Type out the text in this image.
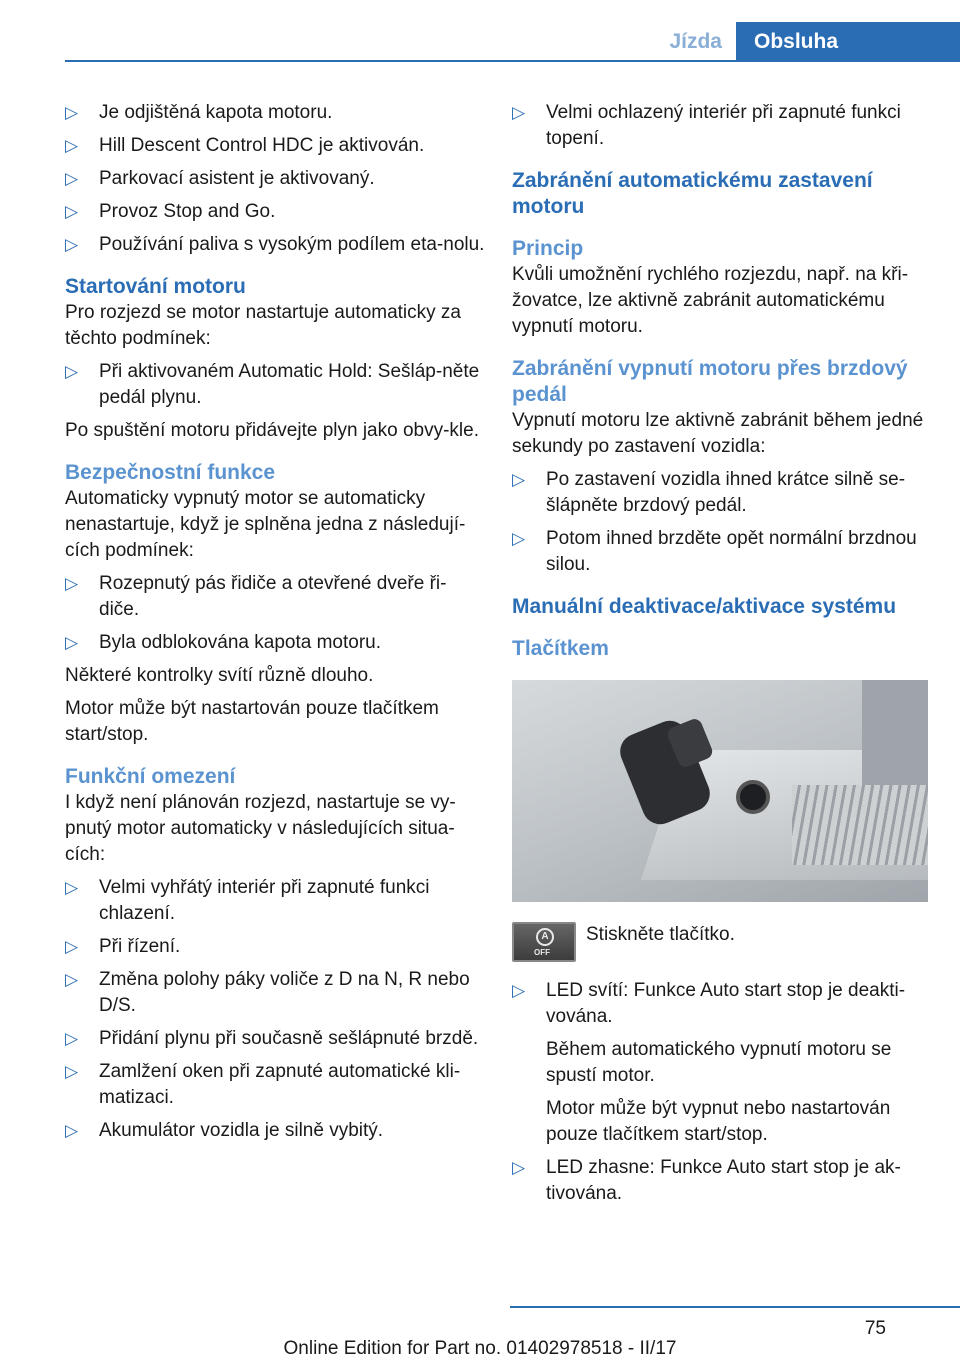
Jízda	Obsluha
▷ Je odjištěná kapota motoru.
▷ Hill Descent Control HDC je aktivován.
▷ Parkovací asistent je aktivovaný.
▷ Provoz Stop and Go.
▷ Používání paliva s vysokým podílem eta‐nolu.
Startování motoru
Pro rozjezd se motor nastartuje automaticky za těchto podmínek:
▷ Při aktivovaném Automatic Hold: Sešláp‐něte pedál plynu.
Po spuštění motoru přidávejte plyn jako obvy‐kle.
Bezpečnostní funkce
Automaticky vypnutý motor se automaticky nenastartuje, když je splněna jedna z následují‐cích podmínek:
▷ Rozepnutý pás řidiče a otevřené dveře ři‐diče.
▷ Byla odblokována kapota motoru.
Některé kontrolky svítí různě dlouho.
Motor může být nastartován pouze tlačítkem start/stop.
Funkční omezení
I když není plánován rozjezd, nastartuje se vy‐pnutý motor automaticky v následujících situa‐cích:
▷ Velmi vyhřátý interiér při zapnuté funkci chlazení.
▷ Při řízení.
▷ Změna polohy páky voliče z D na N, R nebo D/S.
▷ Přidání plynu při současně sešlápnuté brzdě.
▷ Zamlžení oken při zapnuté automatické kli‐matizaci.
▷ Akumulátor vozidla je silně vybitý.
▷ Velmi ochlazený interiér při zapnuté funkci topení.
Zabránění automatickému zastavení motoru
Princip
Kvůli umožnění rychlého rozjezdu, např. na kři‐žovatce, lze aktivně zabránit automatickému vypnutí motoru.
Zabránění vypnutí motoru přes brzdový pedál
Vypnutí motoru lze aktivně zabránit během jedné sekundy po zastavení vozidla:
▷ Po zastavení vozidla ihned krátce silně se‐šlápněte brzdový pedál.
▷ Potom ihned brzděte opět normální brzdnou silou.
Manuální deaktivace/aktivace systému
Tlačítkem
A
OFF
Stiskněte tlačítko.
▷ LED svítí: Funkce Auto start stop je deakti‐vována.
Během automatického vypnutí motoru se spustí motor.
Motor může být vypnut nebo nastartován pouze tlačítkem start/stop.
▷ LED zhasne: Funkce Auto start stop je ak‐tivována.
75
Online Edition for Part no. 01402978518 - II/17
